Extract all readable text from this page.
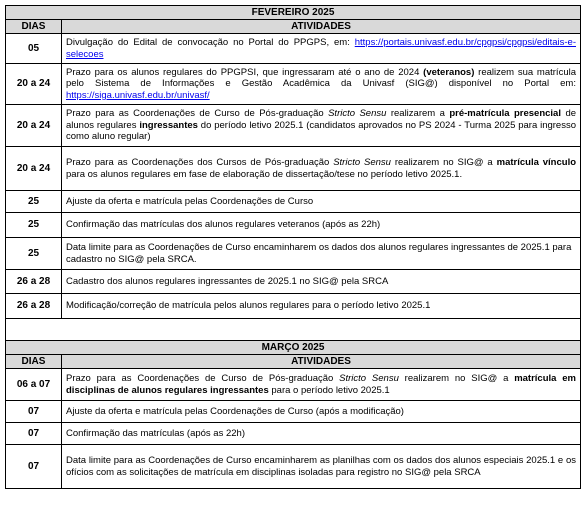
FEVEREIRO 2025	
DIAS	ATIVIDADES
05	Divulgação do Edital de convocação no Portal do PPGPS, em: https://portais.univasf.edu.br/cpgpsi/cpgpsi/editais-e-selecoes
20 a 24	Prazo para os alunos regulares do PPGPSI, que ingressaram até o ano de 2024 (veteranos) realizem sua matrícula pelo Sistema de Informações e Gestão Acadêmica da Univasf (SIG@) disponível no Portal em: https://siga.univasf.edu.br/univasf/
20 a 24	Prazo para as Coordenações de Curso de Pós-graduação Stricto Sensu realizarem a pré-matrícula presencial de alunos regulares ingressantes do período letivo 2025.1 (candidatos aprovados no PS 2024 - Turma 2025 para ingresso como aluno regular)
20 a 24	Prazo para as Coordenações dos Cursos de Pós-graduação Stricto Sensu realizarem no SIG@ a matrícula vínculo para os alunos regulares em fase de elaboração de dissertação/tese no período letivo 2025.1.
25	Ajuste da oferta e matrícula pelas Coordenações de Curso
25	Confirmação das matrículas dos alunos regulares veteranos (após as 22h)
25	Data limite para as Coordenações de Curso encaminharem os dados dos alunos regulares ingressantes de 2025.1 para cadastro no SIG@ pela SRCA.
26 a 28	Cadastro dos alunos regulares ingressantes de 2025.1 no SIG@ pela SRCA
26 a 28	Modificação/correção de matrícula pelos alunos regulares para o período letivo 2025.1

MARÇO 2025	
DIAS	ATIVIDADES
06 a 07	Prazo para as Coordenações de Curso de Pós-graduação Stricto Sensu realizarem no SIG@ a matrícula em disciplinas de alunos regulares ingressantes para o período letivo 2025.1
07	Ajuste da oferta e matrícula pelas Coordenações de Curso (após a modificação)
07	Confirmação das matrículas (após as 22h)
07	Data limite para as Coordenações de Curso encaminharem as planilhas com os dados dos alunos especiais 2025.1 e os ofícios com as solicitações de matrícula em disciplinas isoladas para registro no SIG@ pela SRCA
